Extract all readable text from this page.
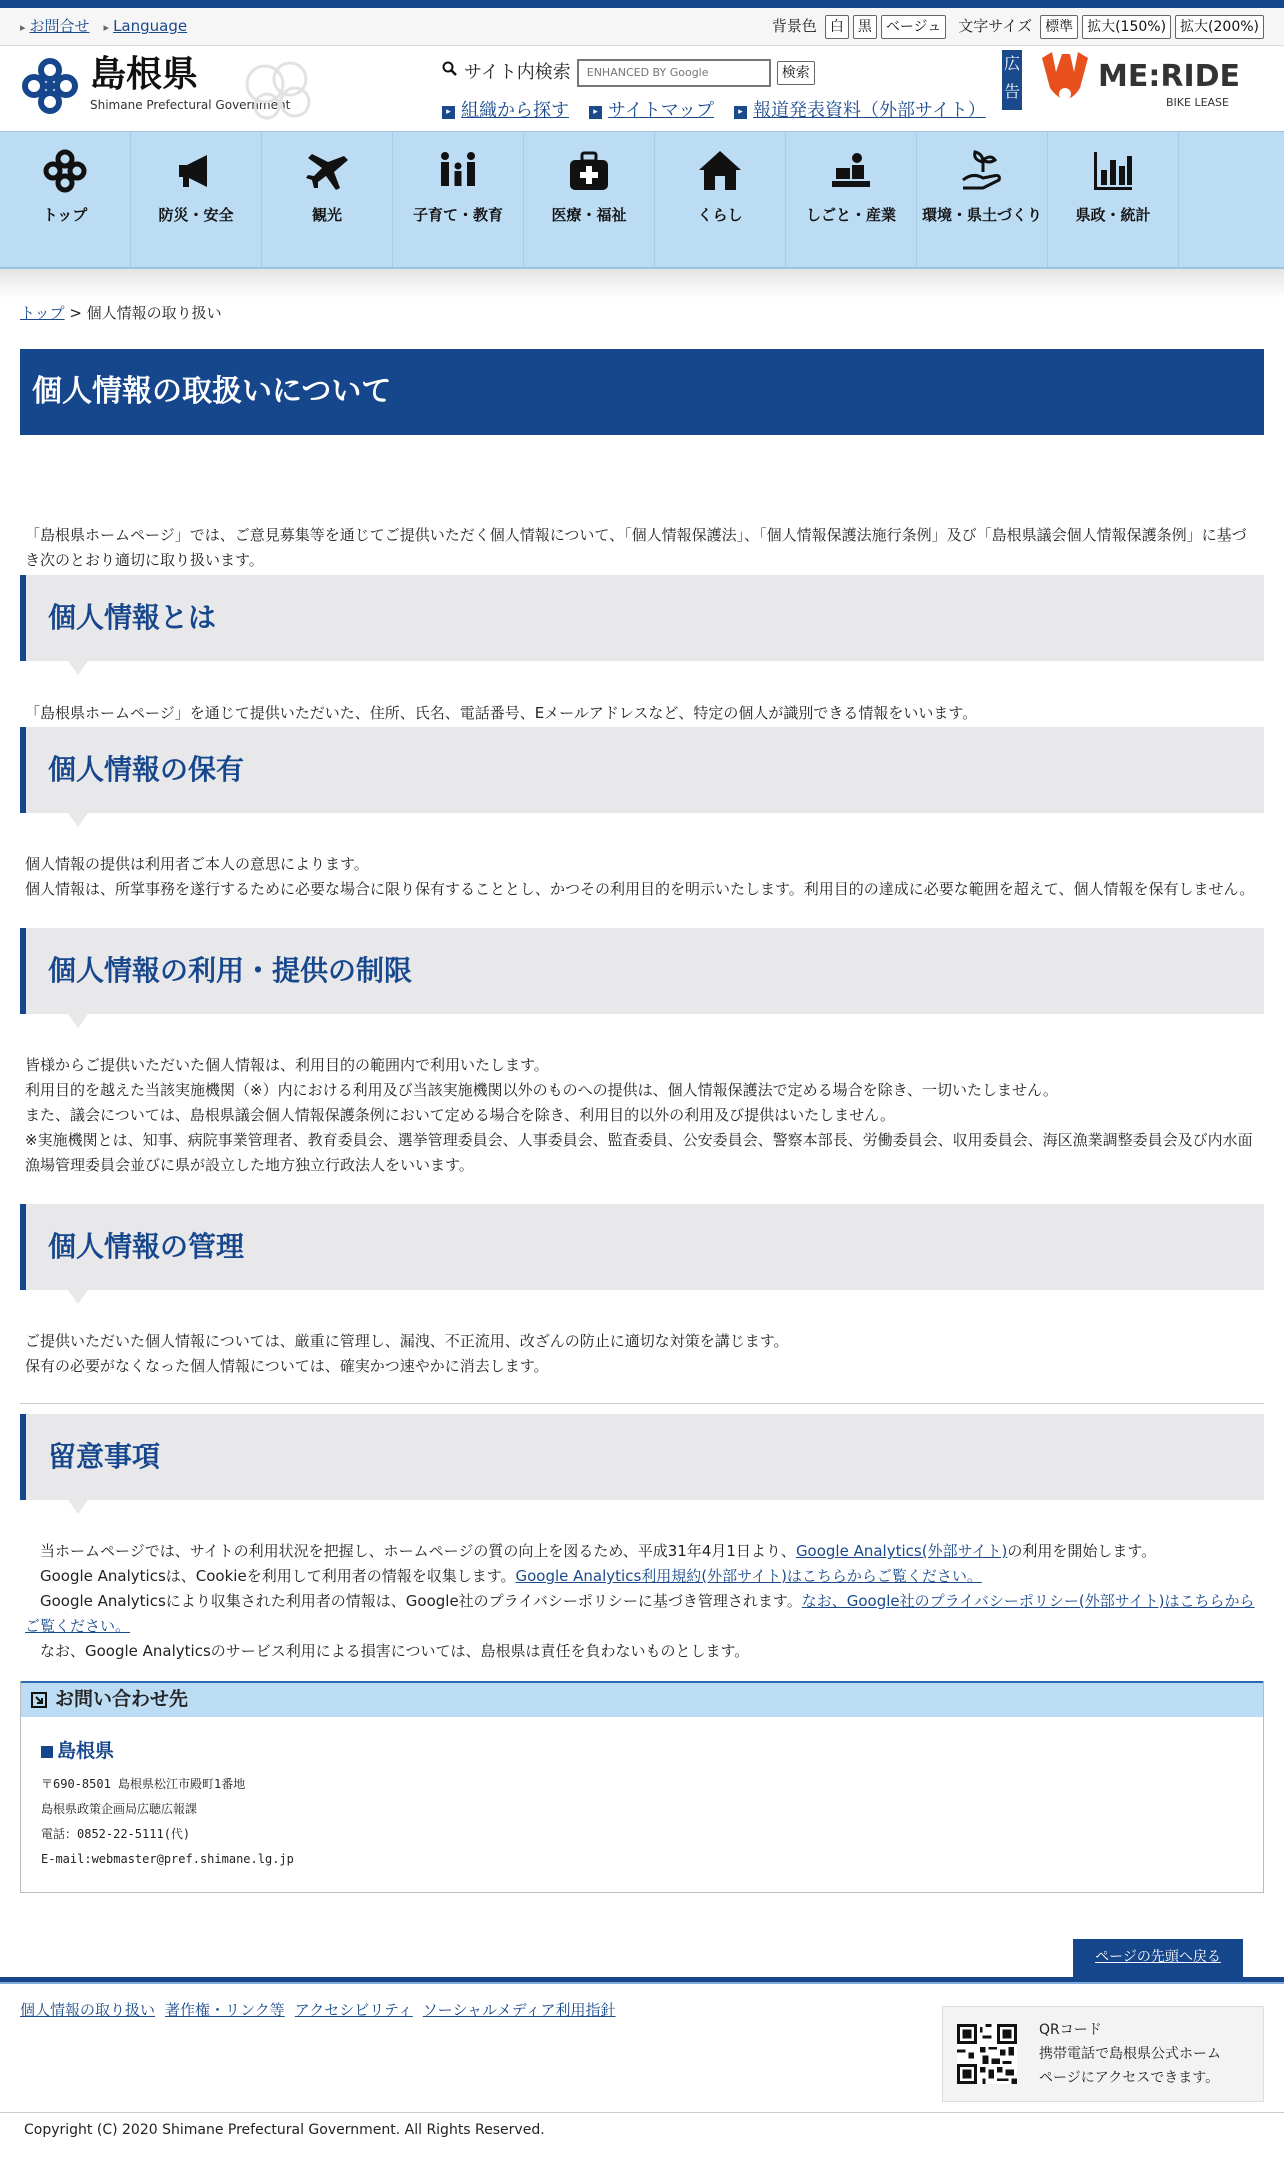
▸ お問合せ	▸ Language	背景色 白	黒	ベージュ	文字サイズ 標準	拡大(150%)	拡大(200%)
島根県
Shimane Prefectural Government
サイト内検索
ENHANCED BY Google	検索
▸ 組織から探す	▸ サイトマップ	▸ 報道発表資料（外部サイト）
広告	ME:RIDE
BIKE LEASE
トップ	防災・安全	観光	子育て・教育	医療・福祉	くらし	しごと・産業 環境・県土づくり 県政・統計
トップ > 個人情報の取り扱い
個人情報の取扱いについて

「島根県ホームページ」では、ご意見募集等を通じてご提供いただく個人情報について、「個人情報保護法」、「個人情報保護法施行条例」及び「島根県議会個人情報保護条例」に基づき次のとおり適切に取り扱います。

個人情報とは

「島根県ホームページ」を通じて提供いただいた、住所、氏名、電話番号、Eメールアドレスなど、特定の個人が識別できる情報をいいます。

個人情報の保有

個人情報の提供は利用者ご本人の意思によります。

個人情報は、所掌事務を遂行するために必要な場合に限り保有することとし、かつその利用目的を明示いたします。利用目的の達成に必要な範囲を超えて、個人情報を保有しません。

個人情報の利用・提供の制限

皆様からご提供いただいた個人情報は、利用目的の範囲内で利用いたします。

利用目的を越えた当該実施機関（※）内における利用及び当該実施機関以外のものへの提供は、個人情報保護法で定める場合を除き、一切いたしません。

また、議会については、島根県議会個人情報保護条例において定める場合を除き、利用目的以外の利用及び提供はいたしません。

※実施機関とは、知事、病院事業管理者、教育委員会、選挙管理委員会、人事委員会、監査委員、公安委員会、警察本部長、労働委員会、収用委員会、海区漁業調整委員会及び内水面漁場管理委員会並びに県が設立した地方独立行政法人をいいます。

個人情報の管理

ご提供いただいた個人情報については、厳重に管理し、漏洩、不正流用、改ざんの防止に適切な対策を講じます。

保有の必要がなくなった個人情報については、確実かつ速やかに消去します。

留意事項

当ホームページでは、サイトの利用状況を把握し、ホームページの質の向上を図るため、平成31年4月1日より、Google Analytics(外部サイト)の利用を開始します。

Google Analyticsは、Cookieを利用して利用者の情報を収集します。Google Analytics利用規約(外部サイト)はこちらからご覧ください。

Google Analyticsにより収集された利用者の情報は、Google社のプライバシーポリシーに基づき管理されます。なお、Google社のプライバシーポリシー(外部サイト)はこちらからご覧ください。

なお、Google Analyticsのサービス利用による損害については、島根県は責任を負わないものとします。

お問い合わせ先
島根県
〒690-8501 島根県松江市殿町1番地
島根県政策企画局広聴広報課
電話：0852-22-5111(代)
E-mail:webmaster@pref.shimane.lg.jp
ページの先頭へ戻る
個人情報の取り扱い 著作権・リンク等 アクセシビリティ ソーシャルメディア利用指針
QRコード
携帯電話で島根県公式ホーム
ページにアクセスできます。
Copyright (C) 2020 Shimane Prefectural Government. All Rights Reserved.
